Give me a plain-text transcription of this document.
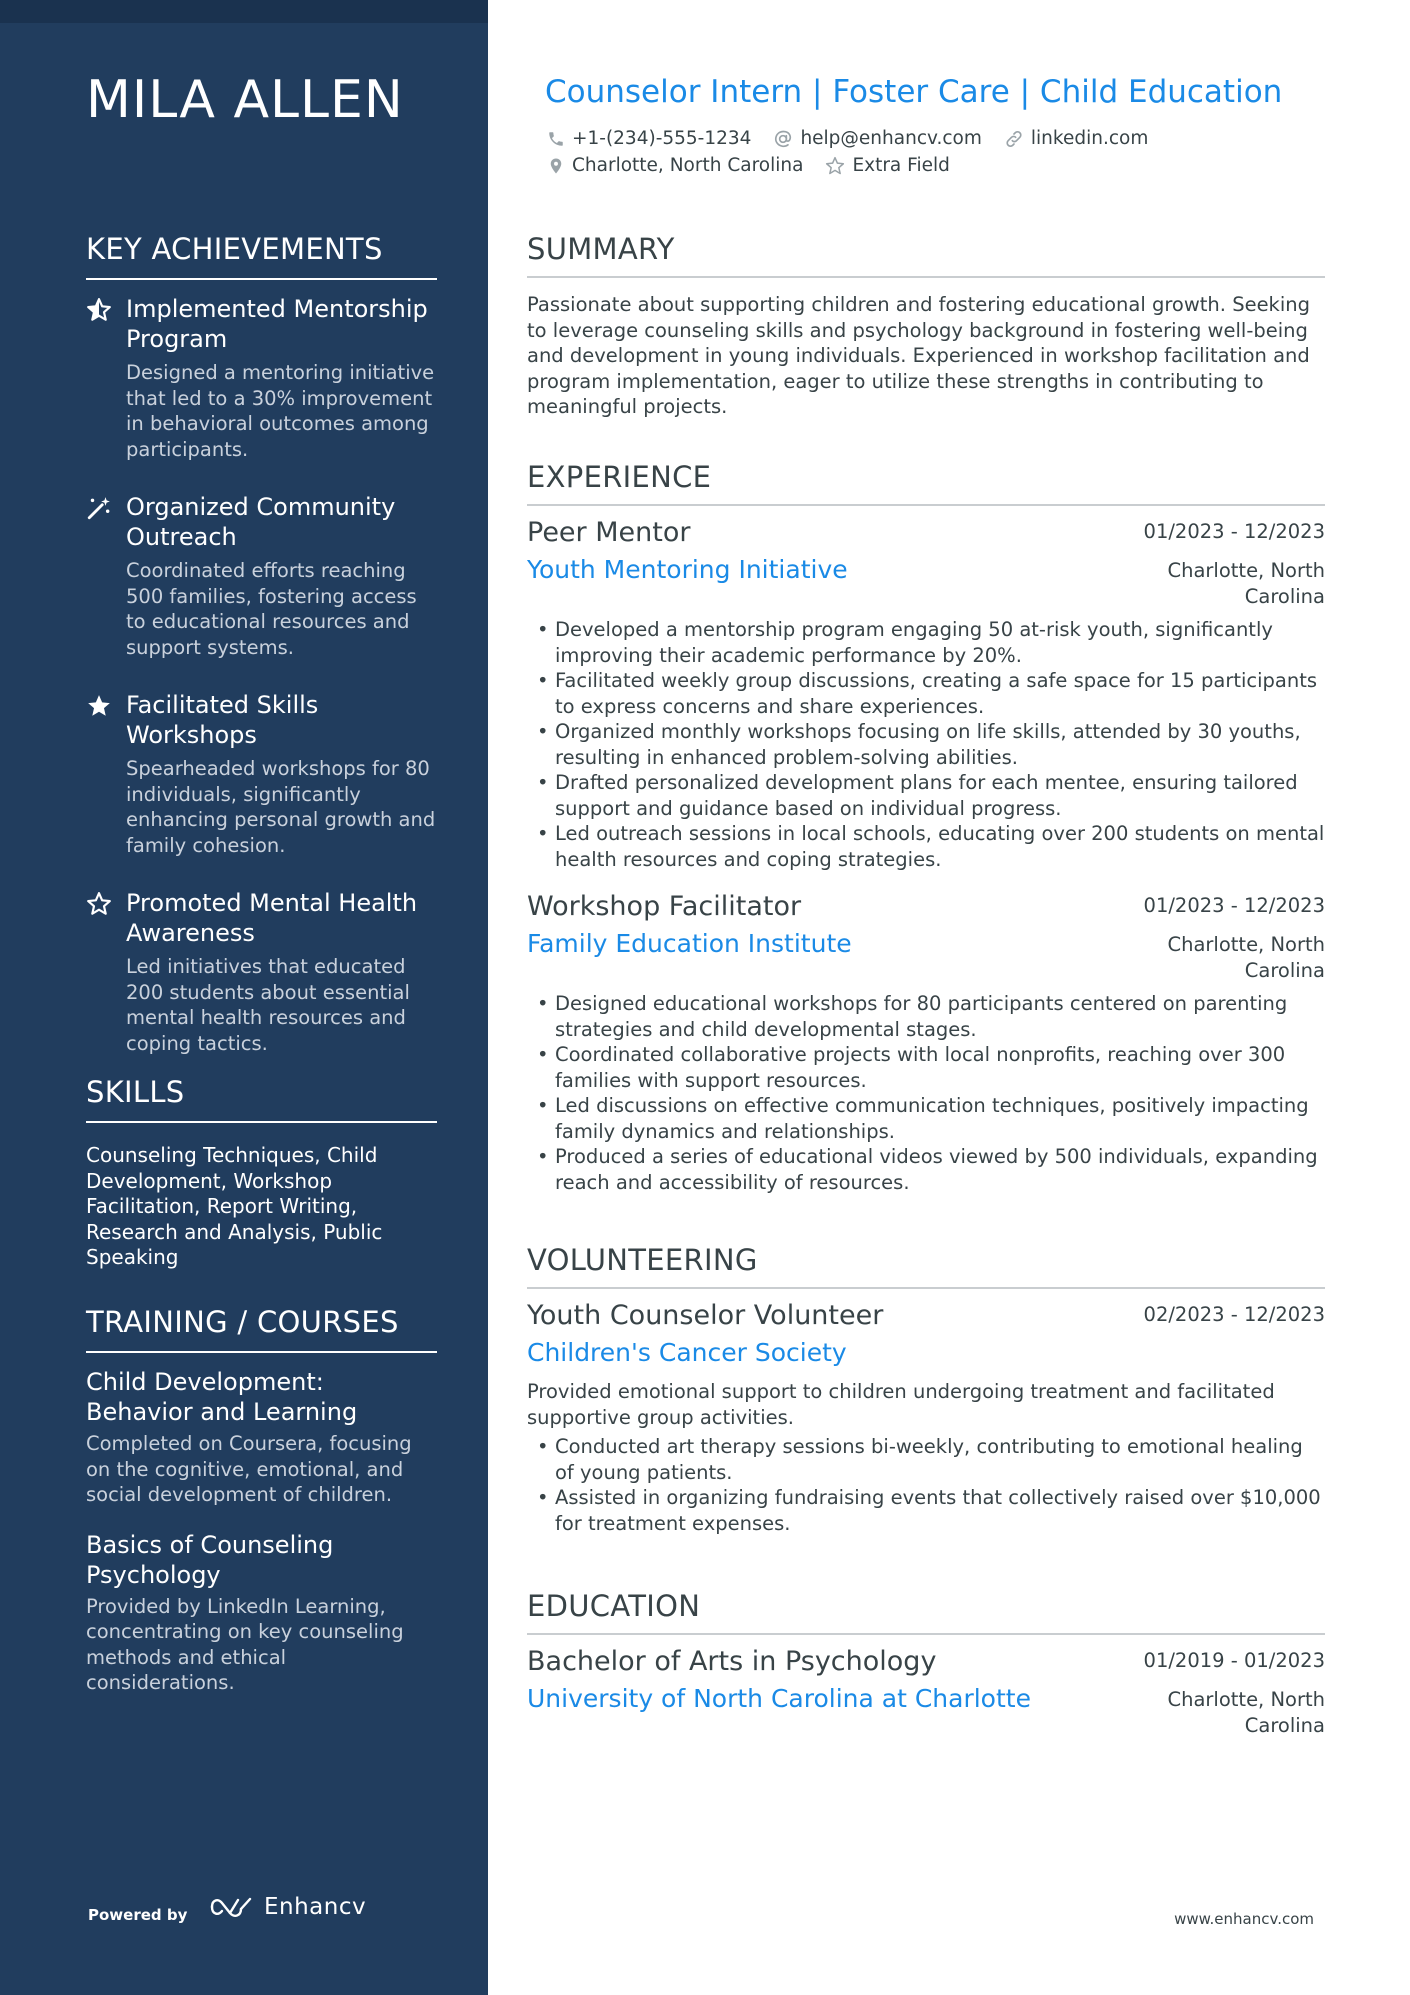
MILA ALLEN
KEY ACHIEVEMENTS
Implemented Mentorship Program
Designed a mentoring initiative that led to a 30% improvement in behavioral outcomes among participants.
Organized Community Outreach
Coordinated efforts reaching 500 families, fostering access to educational resources and support systems.
Facilitated Skills Workshops
Spearheaded workshops for 80 individuals, significantly enhancing personal growth and family cohesion.
Promoted Mental Health Awareness
Led initiatives that educated 200 students about essential mental health resources and coping tactics.
SKILLS
Counseling Techniques, Child Development, Workshop Facilitation, Report Writing, Research and Analysis, Public Speaking
TRAINING / COURSES
Child Development: Behavior and Learning
Completed on Coursera, focusing on the cognitive, emotional, and social development of children.
Basics of Counseling Psychology
Provided by LinkedIn Learning, concentrating on key counseling methods and ethical considerations.
Powered by	Enhancv
Counselor Intern | Foster Care | Child Education
+1-(234)-555-1234	help@enhancv.com	linkedin.com
Charlotte, North Carolina	Extra Field
SUMMARY
Passionate about supporting children and fostering educational growth. Seeking to leverage counseling skills and psychology background in fostering well-being and development in young individuals. Experienced in workshop facilitation and program implementation, eager to utilize these strengths in contributing to meaningful projects.
EXPERIENCE
Peer Mentor	01/2023 - 12/2023
Youth Mentoring Initiative	Charlotte, North Carolina
• Developed a mentorship program engaging 50 at-risk youth, significantly improving their academic performance by 20%.
• Facilitated weekly group discussions, creating a safe space for 15 participants to express concerns and share experiences.
• Organized monthly workshops focusing on life skills, attended by 30 youths, resulting in enhanced problem-solving abilities.
• Drafted personalized development plans for each mentee, ensuring tailored support and guidance based on individual progress.
• Led outreach sessions in local schools, educating over 200 students on mental health resources and coping strategies.
Workshop Facilitator	01/2023 - 12/2023
Family Education Institute	Charlotte, North Carolina
• Designed educational workshops for 80 participants centered on parenting strategies and child developmental stages.
• Coordinated collaborative projects with local nonprofits, reaching over 300 families with support resources.
• Led discussions on effective communication techniques, positively impacting family dynamics and relationships.
• Produced a series of educational videos viewed by 500 individuals, expanding reach and accessibility of resources.
VOLUNTEERING
Youth Counselor Volunteer	02/2023 - 12/2023
Children's Cancer Society
Provided emotional support to children undergoing treatment and facilitated supportive group activities.
• Conducted art therapy sessions bi-weekly, contributing to emotional healing of young patients.
• Assisted in organizing fundraising events that collectively raised over $10,000 for treatment expenses.
EDUCATION
Bachelor of Arts in Psychology	01/2019 - 01/2023
University of North Carolina at Charlotte	Charlotte, North Carolina
www.enhancv.com
